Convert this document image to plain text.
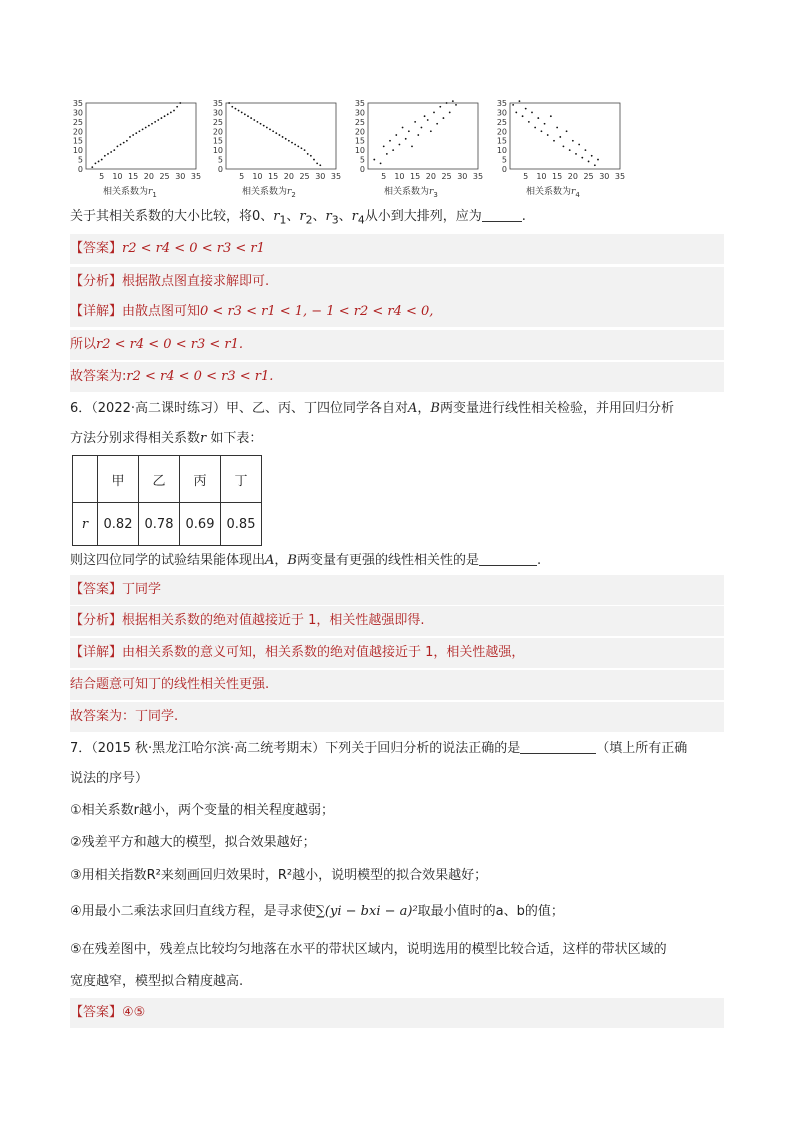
0
5
10
15
20
25
30
35
5 10 15 20 25 30 35
0
5
10
15
20
25
30
35
5 10 15 20 25 30 35
0
5
10
15
20
25
30
35
5 10 15 20 25 30 35
0
5
10
15
20
25
30
35
5 10 15 20 25 30 35
相关系数为$r_1$	相关系数为$r_2$	相关系数为$r_3$	相关系数为$r_4$
关于其相关系数的大小比较，将0、$r_1$、$r_2$、$r_3$、$r_4$从小到大排列，应为	.
【答案】r2 < r4 < 0 < r3 < r1
【分析】根据散点图直接求解即可.
【详解】由散点图可知0 < r3 < r1 < 1, − 1 < r2 < r4 < 0,
所以r2 < r4 < 0 < r3 < r1.
故答案为:r2 < r4 < 0 < r3 < r1.
6．（2022·高二课时练习）甲、乙、丙、丁四位同学各自对A，B两变量进行线性相关检验，并用回归分析
方法分别求得相关系数r 如下表：
	甲	乙	丙	丁
r	0.82	0.78	0.69	0.85
则这四位同学的试验结果能体现出A，B两变量有更强的线性相关性的是	.
【答案】丁同学
【分析】根据相关系数的绝对值越接近于 1，相关性越强即得.
【详解】由相关系数的意义可知，相关系数的绝对值越接近于 1，相关性越强，
结合题意可知丁的线性相关性更强.
故答案为：丁同学.
7．（2015 秋·黑龙江哈尔滨·高二统考期末）下列关于回归分析的说法正确的是	（填上所有正确
说法的序号）
①相关系数r越小，两个变量的相关程度越弱；
②残差平方和越大的模型，拟合效果越好；
③用相关指数R²来刻画回归效果时，R²越小，说明模型的拟合效果越好；
④用最小二乘法求回归直线方程，是寻求使∑(yi − bxi − a)²取最小值时的a、b的值；
⑤在残差图中，残差点比较均匀地落在水平的带状区域内，说明选用的模型比较合适，这样的带状区域的
宽度越窄，模型拟合精度越高.
【答案】④⑤
